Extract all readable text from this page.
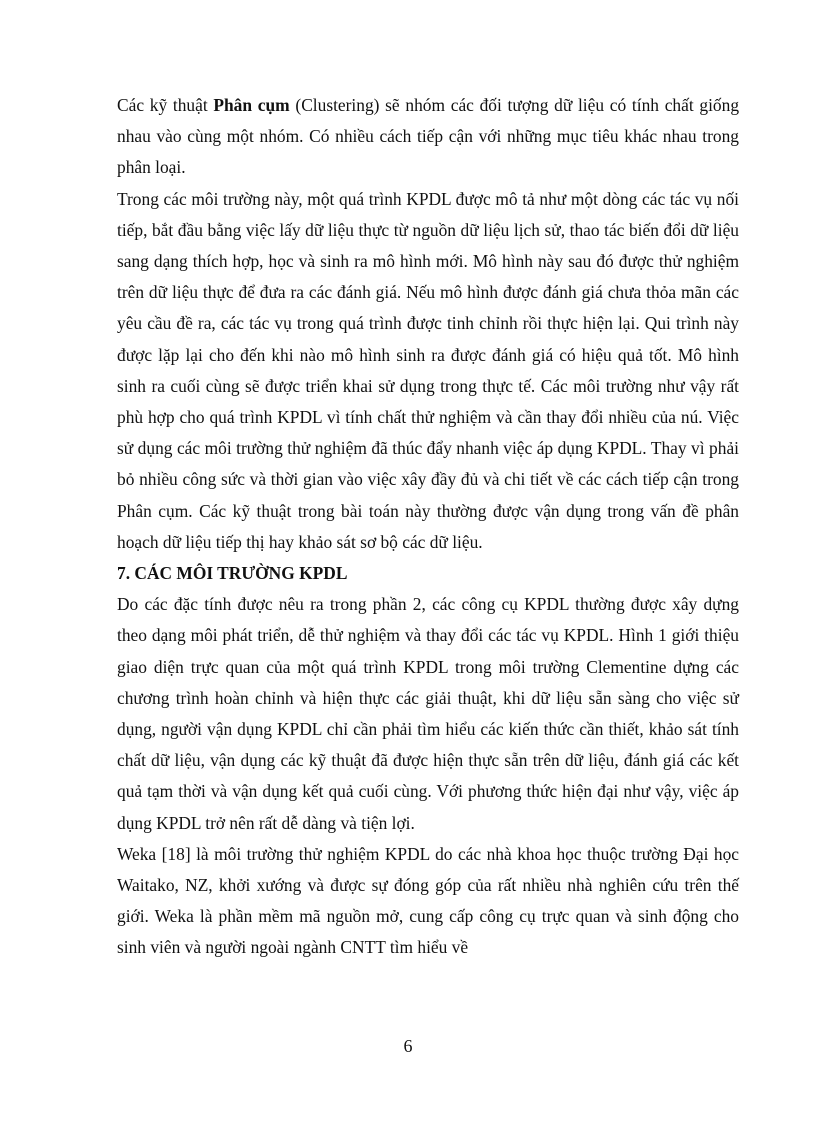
Các kỹ thuật Phân cụm (Clustering) sẽ nhóm các đối tượng dữ liệu có tính chất giống nhau vào cùng một nhóm. Có nhiều cách tiếp cận với những mục tiêu khác nhau trong phân loại.

Trong các môi trường này, một quá trình KPDL được mô tả như một dòng các tác vụ nối tiếp, bắt đầu bằng việc lấy dữ liệu thực từ nguồn dữ liệu lịch sử, thao tác biến đổi dữ liệu sang dạng thích hợp, học và sinh ra mô hình mới. Mô hình này sau đó được thử nghiệm trên dữ liệu thực để đưa ra các đánh giá. Nếu mô hình được đánh giá chưa thỏa mãn các yêu cầu đề ra, các tác vụ trong quá trình được tinh chỉnh rồi thực hiện lại. Qui trình này được lặp lại cho đến khi nào mô hình sinh ra được đánh giá có hiệu quả tốt. Mô hình sinh ra cuối cùng sẽ được triển khai sử dụng trong thực tế. Các môi trường như vậy rất phù hợp cho quá trình KPDL vì tính chất thử nghiệm và cần thay đổi nhiều của nú. Việc sử dụng các môi trường thử nghiệm đã thúc đẩy nhanh việc áp dụng KPDL. Thay vì phải bỏ nhiều công sức và thời gian vào việc xây đầy đủ và chi tiết về các cách tiếp cận trong Phân cụm. Các kỹ thuật trong bài toán này thường được vận dụng trong vấn đề phân hoạch dữ liệu tiếp thị hay khảo sát sơ bộ các dữ liệu.

7. CÁC MÔI TRƯỜNG KPDL

Do các đặc tính được nêu ra trong phần 2, các công cụ KPDL thường được xây dựng theo dạng môi phát triển, dễ thử nghiệm và thay đổi các tác vụ KPDL. Hình 1 giới thiệu giao diện trực quan của một quá trình KPDL trong môi trường Clementine dựng các chương trình hoàn chỉnh và hiện thực các giải thuật, khi dữ liệu sẵn sàng cho việc sử dụng, người vận dụng KPDL chỉ cần phải tìm hiểu các kiến thức cần thiết, khảo sát tính chất dữ liệu, vận dụng các kỹ thuật đã được hiện thực sẵn trên dữ liệu, đánh giá các kết quả tạm thời và vận dụng kết quả cuối cùng. Với phương thức hiện đại như vậy, việc áp dụng KPDL trở nên rất dễ dàng và tiện lợi.

Weka [18] là môi trường thử nghiệm KPDL do các nhà khoa học thuộc trường Đại học Waitako, NZ, khởi xướng và được sự đóng góp của rất nhiều nhà nghiên cứu trên thế giới. Weka là phần mềm mã nguồn mở, cung cấp công cụ trực quan và sinh động cho sinh viên và người ngoài ngành CNTT tìm hiểu về

6
